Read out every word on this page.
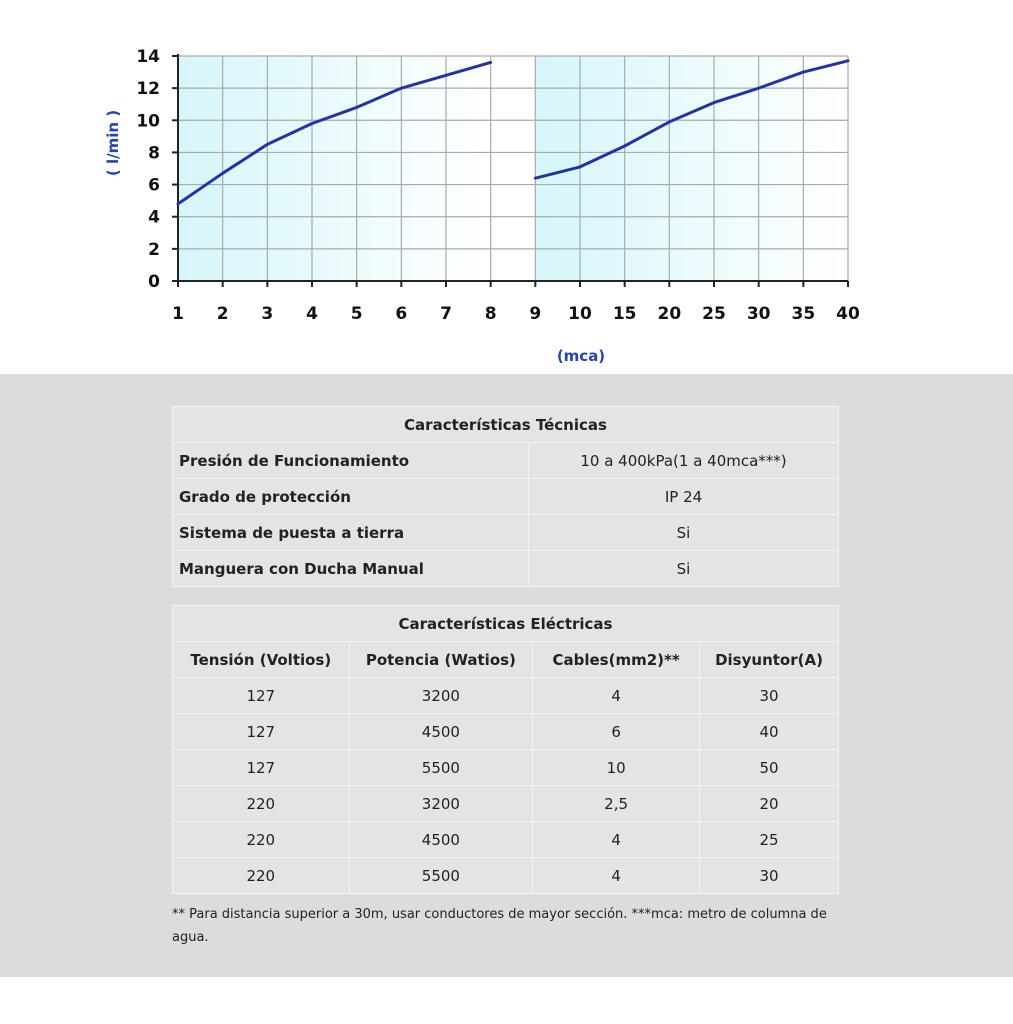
0
2
4
6
8
10
12
14
1 2 3 4 5 6 7 8 9 10 15 20 25 30 35 40
( l/min )
(mca)
Características Técnicas	
Presión de Funcionamiento	10 a 400kPa(1 a 40mca***)
Grado de protección	IP 24
Sistema de puesta a tierra	Si
Manguera con Ducha Manual	Si
Características Eléctricas			
Tensión (Voltios)	Potencia (Watios)	Cables(mm2)**	Disyuntor(A)
127	3200	4	30
127	4500	6	40
127	5500	10	50
220	3200	2,5	20
220	4500	4	25
220	5500	4	30
** Para distancia superior a 30m, usar conductores de mayor sección. ***mca: metro de columna de agua.
